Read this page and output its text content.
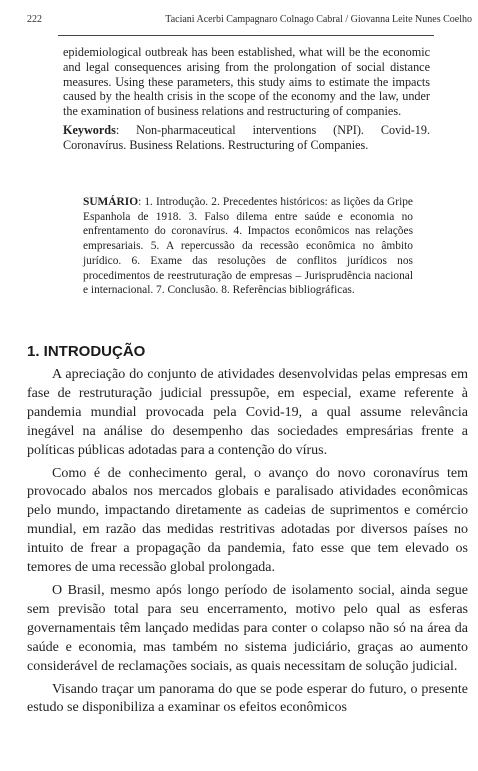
222	Taciani Acerbi Campagnaro Colnago Cabral / Giovanna Leite Nunes Coelho

epidemiological outbreak has been established, what will be the economic and legal consequences arising from the prolongation of social distance measures. Using these parameters, this study aims to estimate the impacts caused by the health crisis in the scope of the economy and the law, under the examination of business relations and restructuring of companies.

Keywords: Non-pharmaceutical interventions (NPI). Covid-19. Coronavírus. Business Relations. Restructuring of Companies.

SUMÁRIO: 1. Introdução. 2. Precedentes históricos: as lições da Gripe Espanhola de 1918. 3. Falso dilema entre saúde e economia no enfrentamento do coronavírus. 4. Impactos econômicos nas relações empresariais. 5. A repercussão da recessão econômica no âmbito jurídico. 6. Exame das resoluções de conflitos jurídicos nos procedimentos de reestruturação de empresas – Jurisprudência nacional e internacional. 7. Conclusão. 8. Referências bibliográficas.
1. INTRODUÇÃO

A apreciação do conjunto de atividades desenvolvidas pelas empresas em fase de restruturação judicial pressupõe, em especial, exame referente à pandemia mundial provocada pela Covid-19, a qual assume relevância inegável na análise do desempenho das sociedades empresárias frente a políticas públicas adotadas para a contenção do vírus.

Como é de conhecimento geral, o avanço do novo coronavírus tem provocado abalos nos mercados globais e paralisado atividades econômicas pelo mundo, impactando diretamente as cadeias de suprimentos e comércio mundial, em razão das medidas restritivas adotadas por diversos países no intuito de frear a propagação da pandemia, fato esse que tem elevado os temores de uma recessão global prolongada.

O Brasil, mesmo após longo período de isolamento social, ainda segue sem previsão total para seu encerramento, motivo pelo qual as esferas governamentais têm lançado medidas para conter o colapso não só na área da saúde e economia, mas também no sistema judiciário, graças ao aumento considerável de reclamações sociais, as quais necessitam de solução judicial.

Visando traçar um panorama do que se pode esperar do futuro, o presente estudo se disponibiliza a examinar os efeitos econômicos
